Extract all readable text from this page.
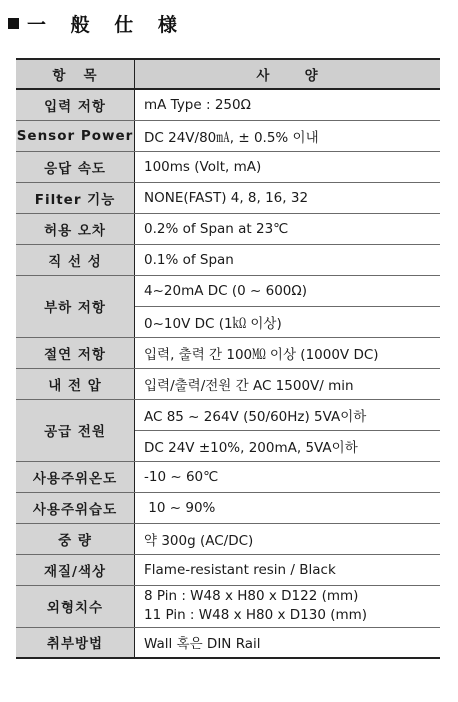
一 般 仕 様
항   목	사      양
입력 저항	mA Type : 250Ω
Sensor Power	DC 24V/80㎃, ± 0.5% 이내
응답 속도	100ms (Volt, mA)
Filter 기능	NONE(FAST) 4, 8, 16, 32
허용 오차	0.2% of Span at 23℃
직 선 성	0.1% of Span
부하 저항	4~20mA DC (0 ~ 600Ω)
	0~10V DC (1㏀ 이상)
절연 저항	입력, 출력 간 100㏁ 이상 (1000V DC)
내 전 압	입력/출력/전원 간 AC 1500V/ min
공급 전원	AC 85 ~ 264V (50/60Hz) 5VA이하
	DC 24V ±10%, 200mA, 5VA이하
사용주위온도	-10 ~ 60℃
사용주위습도	10 ~ 90%
중 량	약 300g (AC/DC)
재질/색상	Flame-resistant resin / Black
외형치수	8 Pin : W48 x H80 x D122 (mm)
11 Pin : W48 x H80 x D130 (mm)

취부방법	Wall 혹은 DIN Rail
